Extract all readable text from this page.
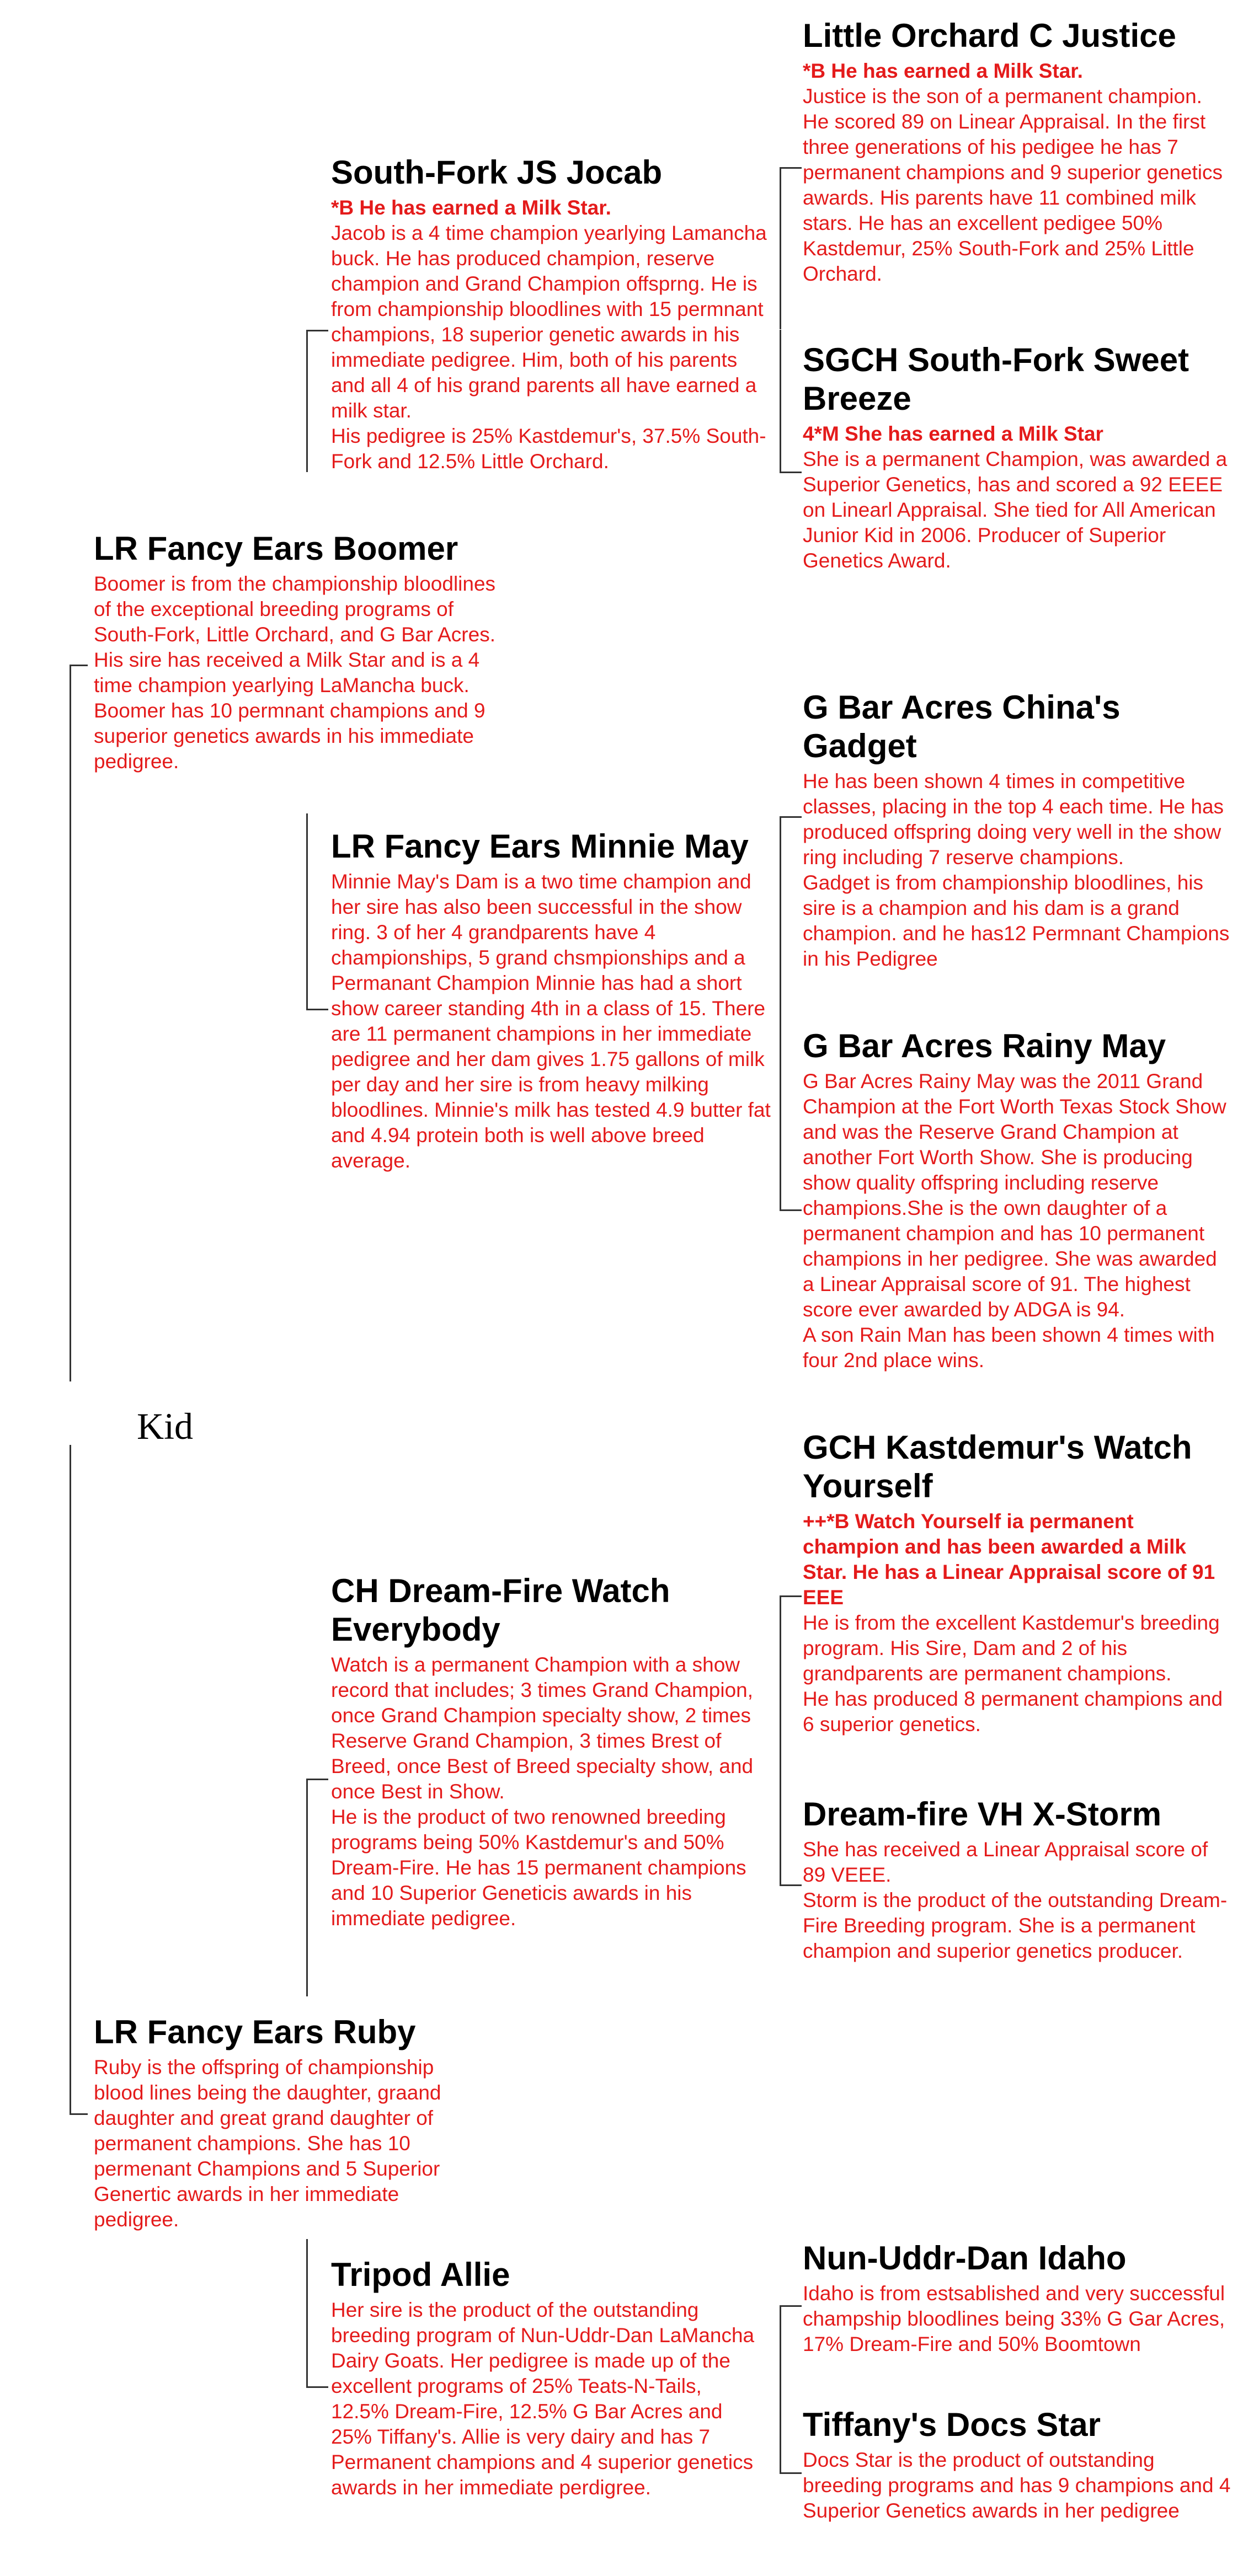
Little Orchard C Justice
*B He has earned a Milk Star.
Justice is the son of a permanent champion. He scored 89 on Linear Appraisal. In the first three generations of his pedigee he has 7 permanent champions and 9 superior genetics awards. His parents have 11 combined milk stars. He has an excellent pedigee 50% Kastdemur, 25% South-Fork and 25% Little Orchard.
SGCH South-Fork Sweet Breeze
4*M She has earned a Milk Star
She is a permanent Champion, was awarded a Superior Genetics, has and scored a 92 EEEE on Linearl Appraisal. She tied for All American Junior Kid in 2006. Producer of Superior Genetics Award.
G Bar Acres China's Gadget
He has been shown 4 times in competitive classes, placing in the top 4 each time. He has produced offspring doing very well in the show ring including 7 reserve champions.
Gadget is from championship bloodlines, his sire is a champion and his dam is a grand champion. and he has12 Permnant Champions in his Pedigree
G Bar Acres Rainy May
G Bar Acres Rainy May was the 2011 Grand Champion at the Fort Worth Texas Stock Show and was the Reserve Grand Champion at another Fort Worth Show. She is producing show quality offspring including reserve champions.She is the own daughter of a permanent champion and has 10 permanent champions in her pedigree. She was awarded a Linear Appraisal score of 91. The highest score ever awarded by ADGA is 94.
A son Rain Man has been shown 4 times with four 2nd place wins.
GCH Kastdemur's Watch Yourself
++*B Watch Yourself ia permanent champion and has been awarded a Milk Star. He has a Linear Appraisal score of 91 EEE
He is from the excellent Kastdemur's breeding program. His Sire, Dam and 2 of his grandparents are permanent champions.
He has produced 8 permanent champions and 6 superior genetics.
Dream-fire VH X-Storm
She has received a Linear Appraisal score of 89 VEEE.
Storm is the product of the outstanding Dream-Fire Breeding program. She is a permanent champion and superior genetics producer.
Nun-Uddr-Dan Idaho
Idaho is from estsablished and very successful champship bloodlines being 33% G Gar Acres, 17% Dream-Fire and 50% Boomtown
Tiffany's Docs Star
Docs Star is the product of outstanding breeding programs and has 9 champions and 4 Superior Genetics awards in her pedigree
South-Fork JS Jocab
*B He has earned a Milk Star.
Jacob is a 4 time champion yearlying Lamancha buck. He has produced champion, reserve champion and Grand Champion offsprng. He is from championship bloodlines with 15 permnant champions, 18 superior genetic awards in his immediate pedigree. Him, both of his parents and all 4 of his grand parents all have earned a milk star.
His pedigree is 25% Kastdemur's, 37.5% South-Fork and 12.5% Little Orchard.
LR Fancy Ears Minnie May
Minnie May's Dam is a two time champion and her sire has also been successful in the show ring. 3 of her 4 grandparents have 4 championships, 5 grand chsmpionships and a Permanant Champion Minnie has had a short show career standing 4th in a class of 15. There are 11 permanent champions in her immediate pedigree and her dam gives 1.75 gallons of milk per day and her sire is from heavy milking bloodlines. Minnie's milk has tested 4.9 butter fat and 4.94 protein both is well above breed average.
CH Dream-Fire Watch Everybody
Watch is a permanent Champion with a show record that includes; 3 times Grand Champion, once Grand Champion specialty show, 2 times Reserve Grand Champion, 3 times Brest of Breed, once Best of Breed specialty show, and once Best in Show.
He is the product of two renowned breeding programs being 50% Kastdemur's and 50% Dream-Fire. He has 15 permanent champions and 10 Superior Geneticis awards in his immediate pedigree.
Tripod Allie
Her sire is the product of the outstanding breeding program of Nun-Uddr-Dan LaMancha Dairy Goats. Her pedigree is made up of the excellent programs of 25% Teats-N-Tails, 12.5% Dream-Fire, 12.5% G Bar Acres and 25% Tiffany's. Allie is very dairy and has 7 Permanent champions and 4 superior genetics awards in her immediate perdigree.
LR Fancy Ears Boomer
Boomer is from the championship bloodlines of the exceptional breeding programs of South-Fork, Little Orchard, and G Bar Acres. His sire has received a Milk Star and is a 4 time champion yearlying LaMancha buck. Boomer has 10 permnant champions and 9 superior genetics awards in his immediate pedigree.
LR Fancy Ears Ruby
Ruby is the offspring of championship blood lines being the daughter, graand daughter and great grand daughter of permanent champions. She has 10 permenant Champions and 5 Superior Genertic awards in her immediate pedigree.
Kid
